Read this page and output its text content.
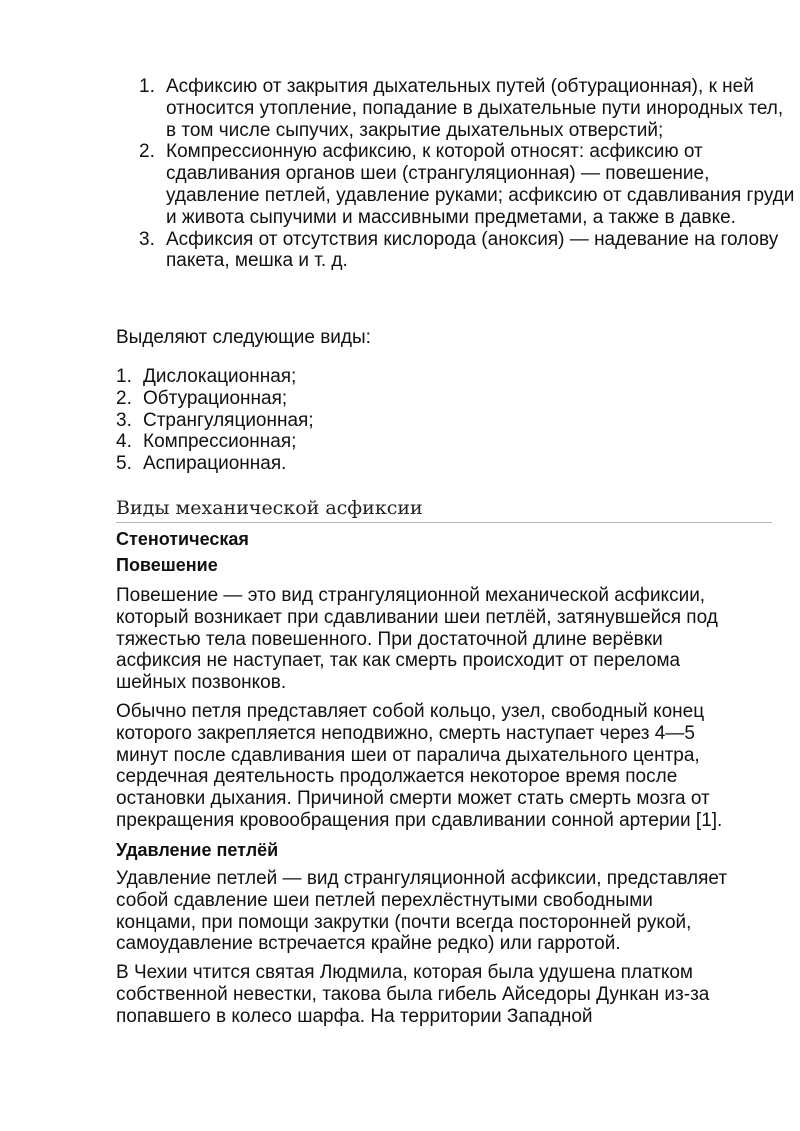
1. Асфиксию от закрытия дыхательных путей (обтурационная), к ней относится утопление, попадание в дыхательные пути инородных тел, в том числе сыпучих, закрытие дыхательных отверстий;
2. Компрессионную асфиксию, к которой относят: асфиксию от сдавливания органов шеи (странгуляционная) — повешение, удавление петлей, удавление руками; асфиксию от сдавливания груди и живота сыпучими и массивными предметами, а также в давке.
3. Асфиксия от отсутствия кислорода (аноксия) — надевание на голову пакета, мешка и т. д.

Выделяют следующие виды:

1. Дислокационная;
2. Обтурационная;
3. Странгуляционная;
4. Компрессионная;
5. Аспирационная.
Виды механической асфиксии
Стенотическая
Повешение

Повешение — это вид странгуляционной механической асфиксии, который возникает при сдавливании шеи петлёй, затянувшейся под тяжестью тела повешенного. При достаточной длине верёвки асфиксия не наступает, так как смерть происходит от перелома шейных позвонков.

Обычно петля представляет собой кольцо, узел, свободный конец которого закрепляется неподвижно, смерть наступает через 4—5 минут после сдавливания шеи от паралича дыхательного центра, сердечная деятельность продолжается некоторое время после остановки дыхания. Причиной смерти может стать смерть мозга от прекращения кровообращения при сдавливании сонной артерии [1].

Удавление петлёй

Удавление петлей — вид странгуляционной асфиксии, представляет собой сдавление шеи петлей перехлёстнутыми свободными концами, при помощи закрутки (почти всегда посторонней рукой, самоудавление встречается крайне редко) или гарротой.

В Чехии чтится святая Людмила, которая была удушена платком собственной невестки, такова была гибель Айседоры Дункан из-за попавшего в колесо шарфа. На территории Западной
